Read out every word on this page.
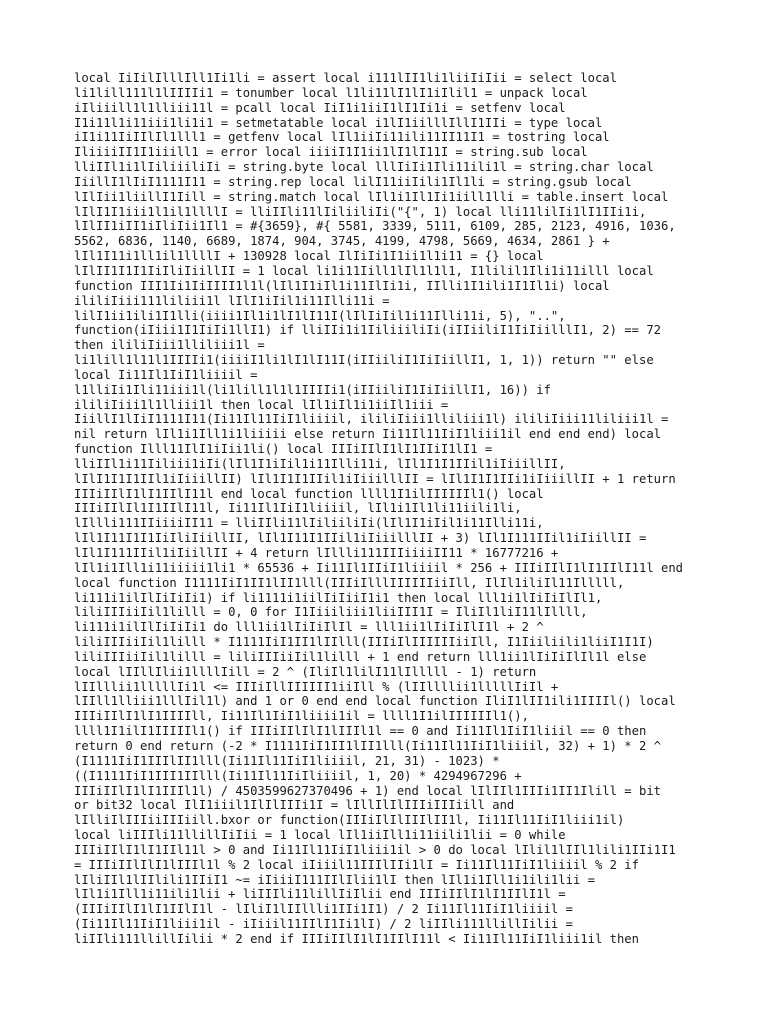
local IiIilIlllIll1Ii1li = assert local i111lII1li1liiIiIii = select local
li1lill111l1lIIIIi1 = tonumber local l1li11lI1lI1iIlil1 = unpack local
iIliiill1l1lliii11l = pcall local IiI1i1iiI1lI1Ii1i = setfenv local
I1i11l1i11iii1li1i1 = setmetatable local i1lI1iilllIllI1IIi = type local
iI1i11IiIIlIl1lll1 = getfenv local lIl1iiIi11ili11II11I1 = tostring local
IliiiiII1I1iiill1 = error local iiiiI1I1ii1lI1lI11I = string.sub local
lliIIl1i1lIiliiiliIi = string.byte local lllIiIi1Ili11ili1l = string.char local
IiillI1lIiI1111I11 = string.rep local lilI11iiIili1Il1li = string.gsub local
lIlIii1liillI1Iill = string.match local lIl1i1Il1Ii1iill1lli = table.insert local
lIlI1I1iii1l1il1llllI = lliIIli11lIiliiliIi("{", 1) local lli11lilIi1lI1IIi1i,
lIlII1iII1iIliIii1Il1 = #{3659}, #{ 5581, 3339, 5111, 6109, 285, 2123, 4916, 1036,
5562, 6836, 1140, 6689, 1874, 904, 3745, 4199, 4798, 5669, 4634, 2861 } +
lIl1I11i1ll1il1llllI + 130928 local IlIiIi1I1ii1l1i11 = {} local
lIlII1I1I1IiIliIiillII = 1 local li1i11Iill1lIl1l1l1, I1lilil1Ili1i11illl local
function III1Ii1IiIIII1l1l(lIl1I1iIl1i11IlIi1i, IIlli1I1ili1I1Il1i) local
ililiIiii111liliii1l lIlI1iIil1i11Illi11i =
lilI1ii1ili1I1lli(iiii1Il1i1lI1lI11I(lIlIiIil1i11Illi11i, 5), "..",
function(iIiii1I1IiIi1llI1) if lliIIi1i1IiliiiliIi(iIIiiliI1IiIiilllI1, 2) == 72
then ililiIiii1lliliii1l =
li1lill1l11l1IIIIi1(iiiiI1li1lI1lI11I(iIIiiliI1IiIiillI1, 1, 1)) return "" else
local Ii11Il1IiI1liiiil =
l1lliIi1Ili11iii1l(li1lill1l1l1IIIIi1(iIIiiliI1IiIiillI1, 16)) if
ililiIiii1l1lliii1l then local lIl1iIl1i1iiIl1iii =
IiillI1lIiI1111I11(Ii11Il11IiI1liiiil, ililiIiii1lliliii1l) ililiIiii11liliii1l =
nil return lIl1i1Ill1i1liiiii else return Ii11Il11IiI1liii1il end end end) local
function Illl11IlI1iIii1li() local IIIiIIlI1lI1IIiI1lI1 =
lliIIl1i11Iiliii1iIi(lIl1I1iIil1i11Illi11i, lIl1I1I1IIil1iIiiillII,
lIlI1I1I1IIl1iIiiillII) lIl1I1I1IIil1iIiiilllII = lIl1I1I1IIi1iIiiillII + 1 return
IIIiIIlI1lI1IIlI11l end local function llll1I1ilIIIIIIl1() local
IIIiIIlIl1I1IIlI11l, Ii11Il1IiI1liiiil, lIl1i1Il1li11iili1li,
lIllli111IIiiiiII11 = lliIIli11lIiliiliIi(lIl1I1iIil1i11Illi11i,
lIl1I11I1I1IiIliIiillII, lIl1I11I1IIil1iIiiilllII + 3) lIl1I111IIil1iIiillII =
lIl1I111IIil1iIiillII + 4 return lIllli111IIIiiiiII11 * 16777216 +
lIl1i1Ill1i11iiiii1li1 * 65536 + Ii11Il1IIiI1liiiil * 256 + IIIiIIlI1lI1IIlI11l end
local function I1111IiI1II1lII1lll(IIIiIlllIIIIIIiiIll, IlIl1iliIl11Illlll,
li111i1ilIlIiIiIi1) if li1111i1iilIiIiiI1i1 then local lll1i1lIiIiIlIl1,
liliIIIiiIil1lilll = 0, 0 for I1Iiiiliii1liiIII1I = IliIl1liI11lIllll,
li111i1ilIlIiIiIi1 do lll1ii1lIiIiIlIl = lll1ii1lIiIiIlI1l + 2 ^
liliIIIiiIil1lilll * I1111IiI1II1lIIlll(IIIiIlIIIIIIiiIll, I1Iiiliili1liiI1I1I)
liliIIIiiIil1lilll = liliIIIiiIil1lilll + 1 end return lll1ii1lIiIiIlIl1l else
local lIIllIlii1llllIill = 2 ^ (IliIl1lilI11lIlllll - 1) return
lIIlllii1lllllIi1l <= IIIiIllIIIIII1iiIll % (lIIllllii1lllllIiIl +
lIIll1lliii1lllIil1l) and 1 or 0 end end local function IliI1lII1ili1IIIIl() local
IIIiIIlI1lI1IIIIll, Ii11Il1IiI1liiii1il = llll1I1ilIIIIIIl1(),
llll1I1ilI1IIIIIl1() if IIIiIIlIlI1lIIIl1l == 0 and Ii11Il1IiI1liiil == 0 then
return 0 end return (-2 * I1111IiI1II1lII1lll(Ii11Il11IiI1liiiil, 32) + 1) * 2 ^
(I1111IiI1IIIlII1lll(Ii11Il11IiI1liiiil, 21, 31) - 1023) *
((I1111IiI1III1IIlll(Ii11Il11IiIliiiil, 1, 20) * 4294967296 +
IIIiIIlI1lI1IIIl1l) / 4503599627370496 + 1) end local lIlIIl1IIIi1II1Ilill = bit
or bit32 local IlI1iiil1IlIlIIIi1I = lIllIlIlIIIiIIIiill and
lIlliIlIIIiiIIIiill.bxor or function(IIIiIlIlIIIlII1l, Ii11Il11IiI1liii1il)
local liIIIli11llillIiIii = 1 local lIl1iiIll1i11iili1lii = 0 while
IIIiIIlI1lI1IIl11l > 0 and Ii11Il11IiI1liii1il > 0 do local lIlil1lIIl1lili1IIi1I1
= IIIiIIlIlI1lIIIl1l % 2 local iIiiil11IIIlIIi1lI = Ii11Il11IiI1liiiil % 2 if
lIliIIl1lIIlili1IIiI1 ~= iIiiiI111IIlIlii1lI then lIl1i1Ill1i1ili1lii =
lIl1i1Ill1i11ili1lii + liIIIli11lillIiIlii end IIIiIIlI1lI1IIlI1l =
(IIIiIIlI1lI1IIlI1l - lIliI1lIIllli1IIi1I1) / 2 Ii11Il11IiI1liiiil =
(Ii11Il11IiI1liii1il - iIiiil11IIlI1Ii1lI) / 2 liIIli111llillIilii =
liIIli111llillIilii * 2 end if IIIiIIlI1lI1IIlI11l < Ii11Il11IiI1liii1il then
